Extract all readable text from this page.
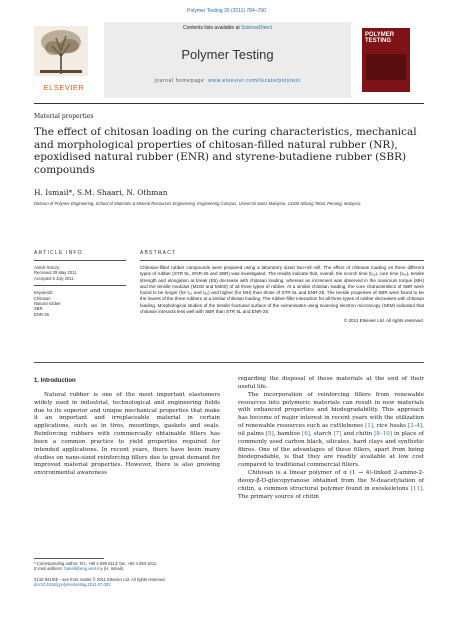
Polymer Testing 30 (2011) 784–790
ELSEVIER
Contents lists available at ScienceDirect
Polymer Testing
journal homepage: www.elsevier.com/locate/polytest
POLYMER TESTING
Material properties
The effect of chitosan loading on the curing characteristics, mechanical and morphological properties of chitosan-filled natural rubber (NR), epoxidised natural rubber (ENR) and styrene-butadiene rubber (SBR) compounds
H. Ismail*, S.M. Shaari, N. Othman
Division of Polymer Engineering, School of Materials & Mineral Resources Engineering, Engineering Campus, Universiti Sains Malaysia, 14300 Nibong Tebal, Penang, Malaysia
ARTICLE INFO
Article history:
Received 29 May 2011
Accepted 6 July 2011
Keywords:
Chitosan
Natural rubber
SBR
ENR-25
ABSTRACT
Chitosan-filled rubber compounds were prepared using a laboratory sized two-roll mill. The effect of chitosan loading on three different types of rubber (STR 5L, ENR-25 and SBR) was investigated. The results indicate that, overall, the scorch time (t₅₂), cure time (t₉₀), tensile strength and elongation at break (Eb) decrease with chitosan loading, whereas an increment was observed in the maximum torque (MH) and the tensile modulus (M100 and M300) of all three types of rubber. At a similar chitosan loading, the cure characteristics of SBR were found to be longer (for t₅₂ and t₉₀) and higher (for MH) than those of STR 5L and ENR-25. The tensile properties of SBR were found to be the lowest of the three rubbers at a similar chitosan loading. The rubber-filler interaction for all three types of rubber decreases with chitosan loading. Morphological studies of the tensile fractured surface of the vulcanisates using scanning electron microscopy (SEM) indicated that chitosan interacts less well with SBR than STR 5L and ENR-25.
© 2011 Elsevier Ltd. All rights reserved.
1. Introduction

Natural rubber is one of the most important elastomers widely used in industrial, technological and engineering fields due to its superior and unique mechanical properties that make it an important and irreplaceable material in certain applications, such as in tires, mountings, gaskets and seals. Reinforcing rubbers with commercially obtainable fillers has been a common practice to yield properties required for intended applications. In recent years, there have been many studies on nano-sized reinforcing fillers due to great demand for improved material properties. However, there is also growing environmental awareness

regarding the disposal of these materials at the end of their useful life.

The incorporation of reinforcing fillers from renewable resources into polymeric materials can result in new materials with enhanced properties and biodegradability. This approach has become of major interest in recent years with the utilization of renewable resources such as cuttlebones [1], rice husks [2–4], oil palms [5], bamboo [6], starch [7] and chitin [8–10] in place of commonly used carbon black, silicates, hard clays and synthetic fibres. One of the advantages of these fillers, apart from being biodegradable, is that they are readily available at low cost compared to traditional commercial fillers.

Chitosan is a linear polymer of α (1 → 4)-linked 2-amino-2-deoxy-β-D-glucopyranose obtained from the N-deacetylation of chitin, a common structural polymer found in exoskeletons [11]. The primary source of chitin

* Corresponding author. Tel.: +60 4 599 6113; fax: +60 4 594 1011.
E-mail address: hanafi@eng.usm.my (H. Ismail).
0142-9418/$ – see front matter © 2011 Elsevier Ltd. All rights reserved.
doi:10.1016/j.polymertesting.2011.07.003
